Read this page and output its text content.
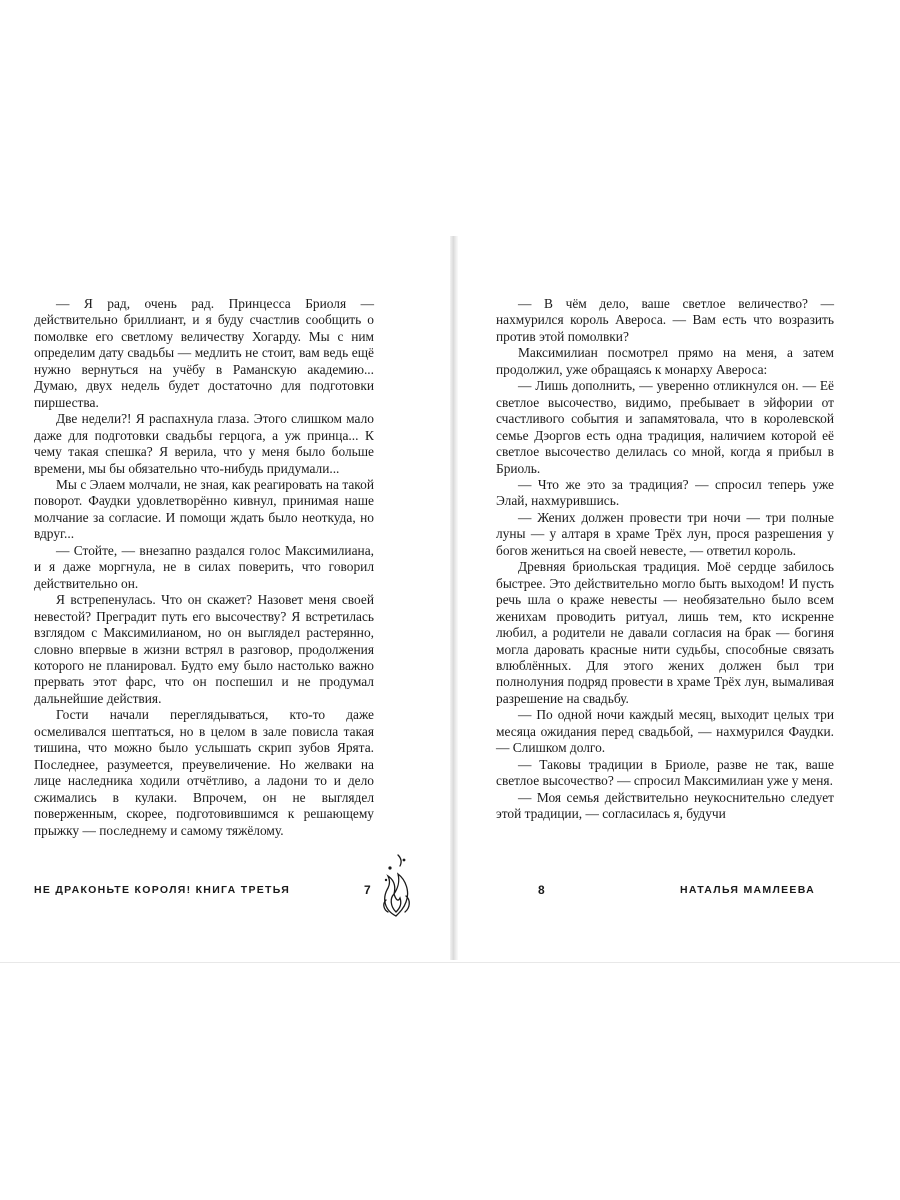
— Я рад, очень рад. Принцесса Бриоля — действительно бриллиант, и я буду счастлив сообщить о помолвке его светлому величеству Хогарду. Мы с ним определим дату свадьбы — медлить не стоит, вам ведь ещё нужно вернуться на учёбу в Раманскую академию... Думаю, двух недель будет достаточно для подготовки пиршества.

Две недели?! Я распахнула глаза. Этого слишком мало даже для подготовки свадьбы герцога, а уж принца... К чему такая спешка? Я верила, что у меня было больше времени, мы бы обязательно что-нибудь придумали...

Мы с Элаем молчали, не зная, как реагировать на такой поворот. Фаудки удовлетворённо кивнул, принимая наше молчание за согласие. И помощи ждать было неоткуда, но вдруг...

— Стойте, — внезапно раздался голос Максимилиана, и я даже моргнула, не в силах поверить, что говорил действительно он.

Я встрепенулась. Что он скажет? Назовет меня своей невестой? Преградит путь его высочеству? Я встретилась взглядом с Максимилианом, но он выглядел растерянно, словно впервые в жизни встрял в разговор, продолжения которого не планировал. Будто ему было настолько важно прервать этот фарс, что он поспешил и не продумал дальнейшие действия.

Гости начали переглядываться, кто-то даже осмеливался шептаться, но в целом в зале повисла такая тишина, что можно было услышать скрип зубов Ярята. Последнее, разумеется, преувеличение. Но желваки на лице наследника ходили отчётливо, а ладони то и дело сжимались в кулаки. Впрочем, он не выглядел поверженным, скорее, подготовившимся к решающему прыжку — последнему и самому тяжёлому.

НЕ ДРАКОНЬТЕ КОРОЛЯ! КНИГА ТРЕТЬЯ	7

— В чём дело, ваше светлое величество? — нахмурился король Авероса. — Вам есть что возразить против этой помолвки?

Максимилиан посмотрел прямо на меня, а затем продолжил, уже обращаясь к монарху Авероса:

— Лишь дополнить, — уверенно отликнулся он. — Её светлое высочество, видимо, пребывает в эйфории от счастливого события и запамятовала, что в королевской семье Дэоргов есть одна традиция, наличием которой её светлое высочество делилась со мной, когда я прибыл в Бриоль.

— Что же это за традиция? — спросил теперь уже Элай, нахмурившись.

— Жених должен провести три ночи — три полные луны — у алтаря в храме Трёх лун, прося разрешения у богов жениться на своей невесте, — ответил король.

Древняя бриольская традиция. Моё сердце забилось быстрее. Это действительно могло быть выходом! И пусть речь шла о краже невесты — необязательно было всем женихам проводить ритуал, лишь тем, кто искренне любил, а родители не давали согласия на брак — богиня могла даровать красные нити судьбы, способные связать влюблённых. Для этого жених должен был три полнолуния подряд провести в храме Трёх лун, вымаливая разрешение на свадьбу.

— По одной ночи каждый месяц, выходит целых три месяца ожидания перед свадьбой, — нахмурился Фаудки. — Слишком долго.

— Таковы традиции в Бриоле, разве не так, ваше светлое высочество? — спросил Максимилиан уже у меня.

— Моя семья действительно неукоснительно следует этой традиции, — согласилась я, будучи

8	НАТАЛЬЯ МАМЛЕЕВА
